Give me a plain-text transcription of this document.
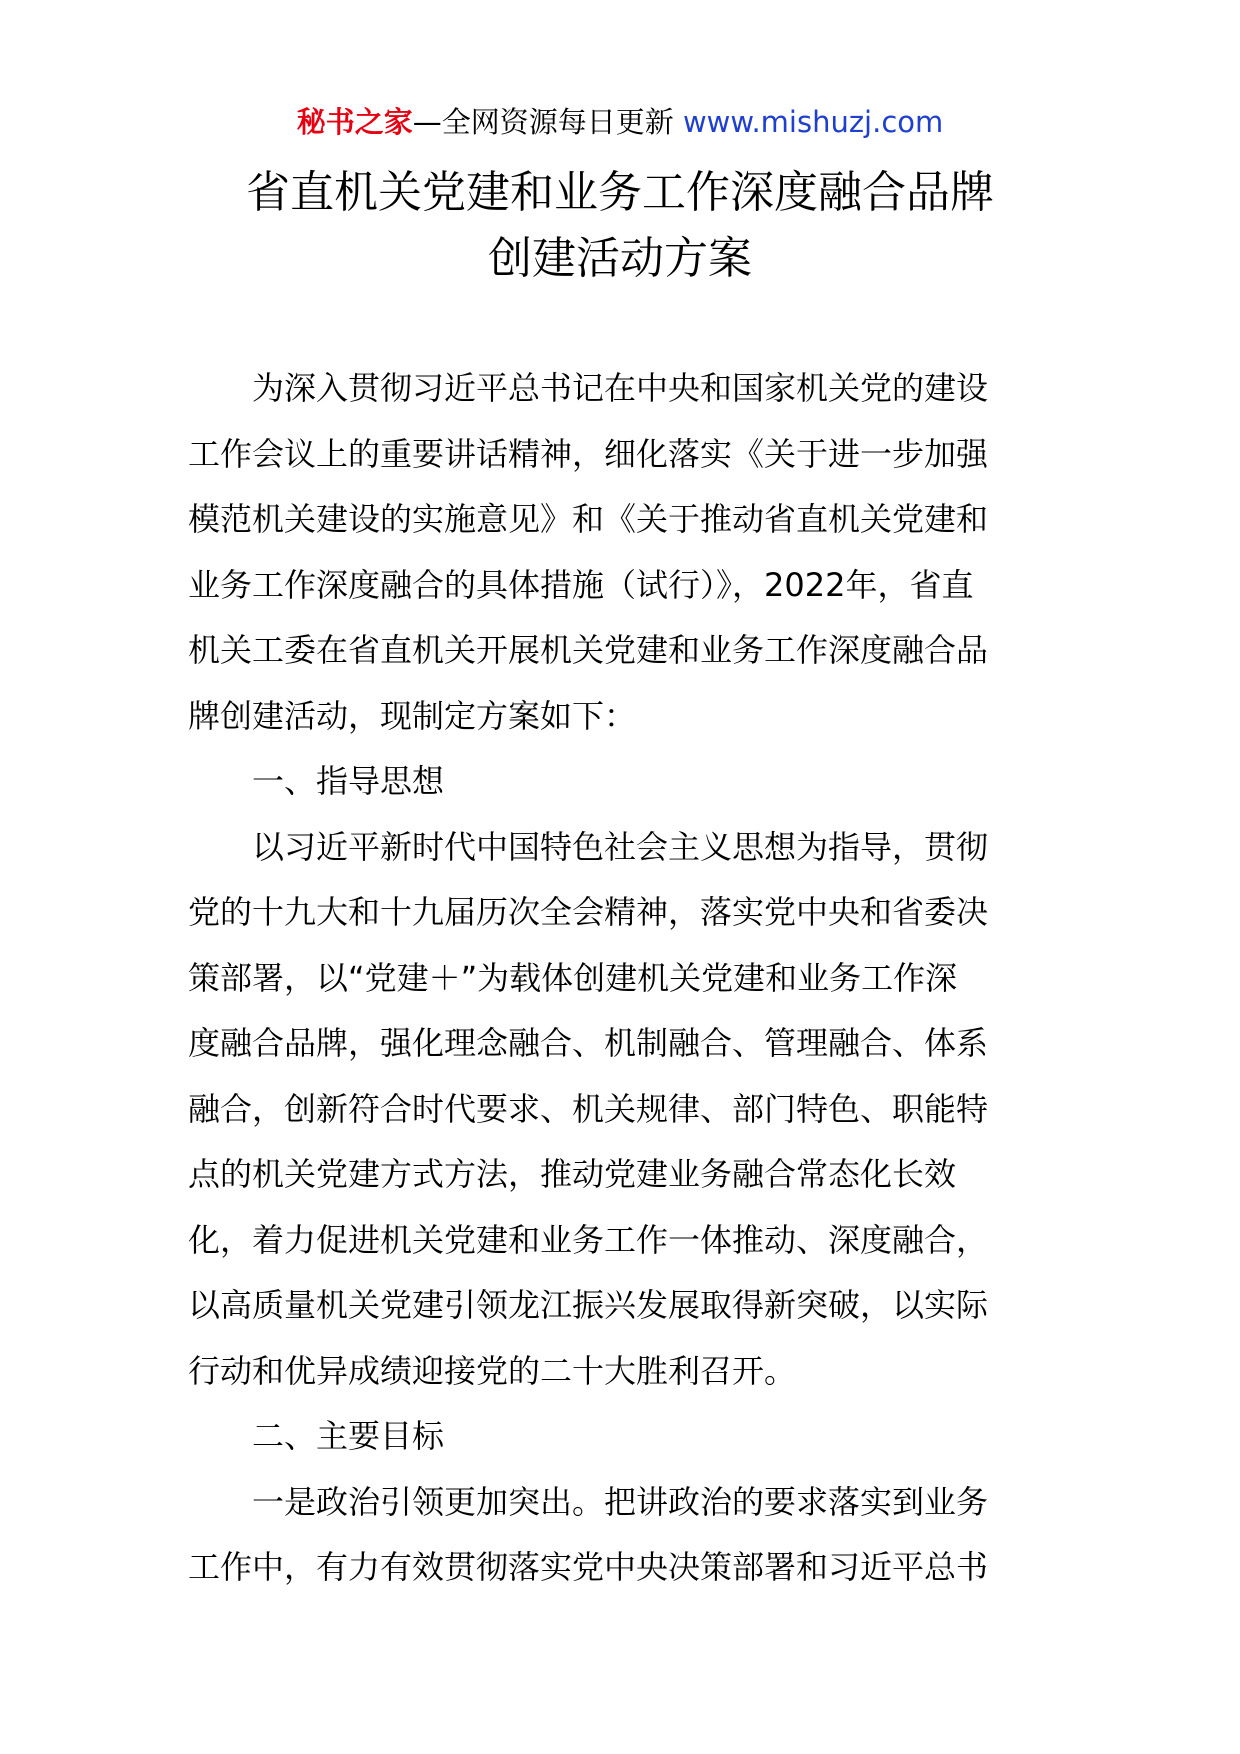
秘书之家—全网资源每日更新 www.mishuzj.com
省直机关党建和业务工作深度融合品牌
创建活动方案
为深入贯彻习近平总书记在中央和国家机关党的建设
工作会议上的重要讲话精神，细化落实《关于进一步加强
模范机关建设的实施意见》和《关于推动省直机关党建和
业务工作深度融合的具体措施（试行）》，2022年，省直
机关工委在省直机关开展机关党建和业务工作深度融合品
牌创建活动，现制定方案如下：
一、指导思想
以习近平新时代中国特色社会主义思想为指导，贯彻
党的十九大和十九届历次全会精神，落实党中央和省委决
策部署，以“党建＋”为载体创建机关党建和业务工作深
度融合品牌，强化理念融合、机制融合、管理融合、体系
融合，创新符合时代要求、机关规律、部门特色、职能特
点的机关党建方式方法，推动党建业务融合常态化长效
化，着力促进机关党建和业务工作一体推动、深度融合，
以高质量机关党建引领龙江振兴发展取得新突破，以实际
行动和优异成绩迎接党的二十大胜利召开。
二、主要目标
一是政治引领更加突出。把讲政治的要求落实到业务
工作中，有力有效贯彻落实党中央决策部署和习近平总书
